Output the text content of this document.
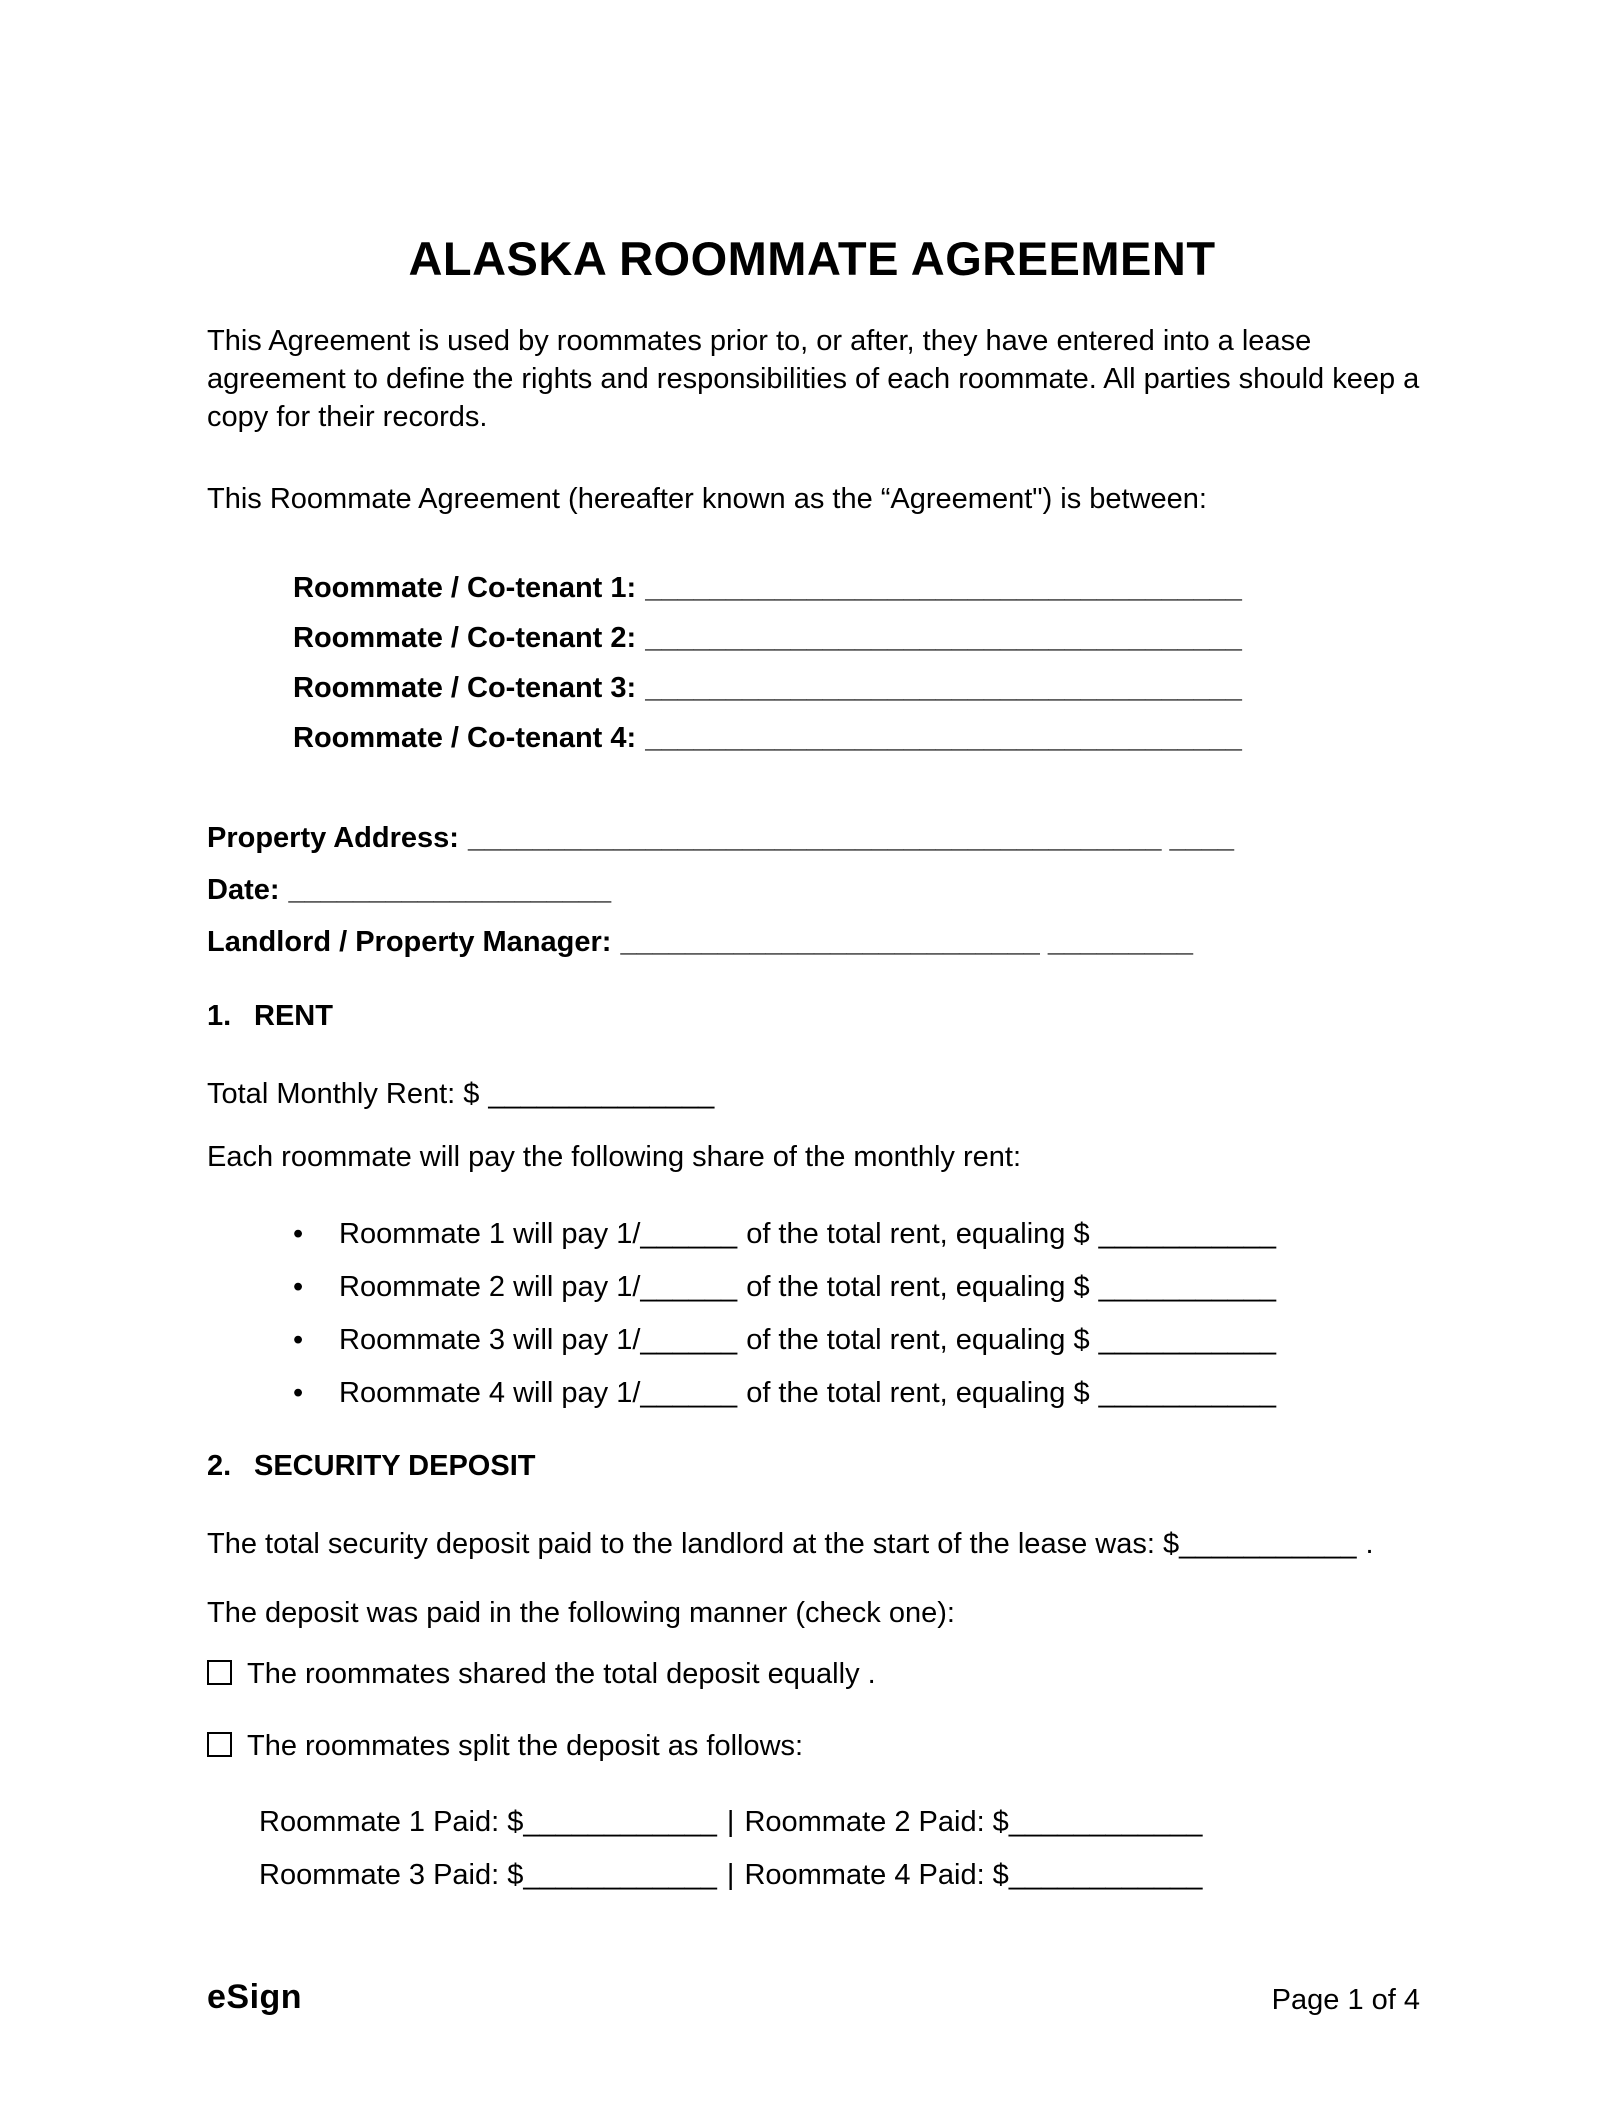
ALASKA ROOMMATE AGREEMENT
This Agreement is used by roommates prior to, or after, they have entered into a lease
agreement to define the rights and responsibilities of each roommate. All parties should keep a
copy for their records.
This Roommate Agreement (hereafter known as the “Agreement") is between:
Roommate / Co-tenant 1: _____________________________________
Roommate / Co-tenant 2: _____________________________________
Roommate / Co-tenant 3: _____________________________________
Roommate / Co-tenant 4: _____________________________________
Property Address: ___________________________________________ ____
Date: ____________________
Landlord / Property Manager: __________________________ _________
1. RENT
Total Monthly Rent: $ ______________
Each roommate will pay the following share of the monthly rent:
• Roommate 1 will pay 1/______ of the total rent, equaling $ ___________
• Roommate 2 will pay 1/______ of the total rent, equaling $ ___________
• Roommate 3 will pay 1/______ of the total rent, equaling $ ___________
• Roommate 4 will pay 1/______ of the total rent, equaling $ ___________
2. SECURITY DEPOSIT
The total security deposit paid to the landlord at the start of the lease was: $___________ .
The deposit was paid in the following manner (check one):
The roommates shared the total deposit equally .
The roommates split the deposit as follows:
Roommate 1 Paid: $____________ | Roommate 2 Paid: $____________
Roommate 3 Paid: $____________ | Roommate 4 Paid: $____________
eSign	Page 1 of 4
